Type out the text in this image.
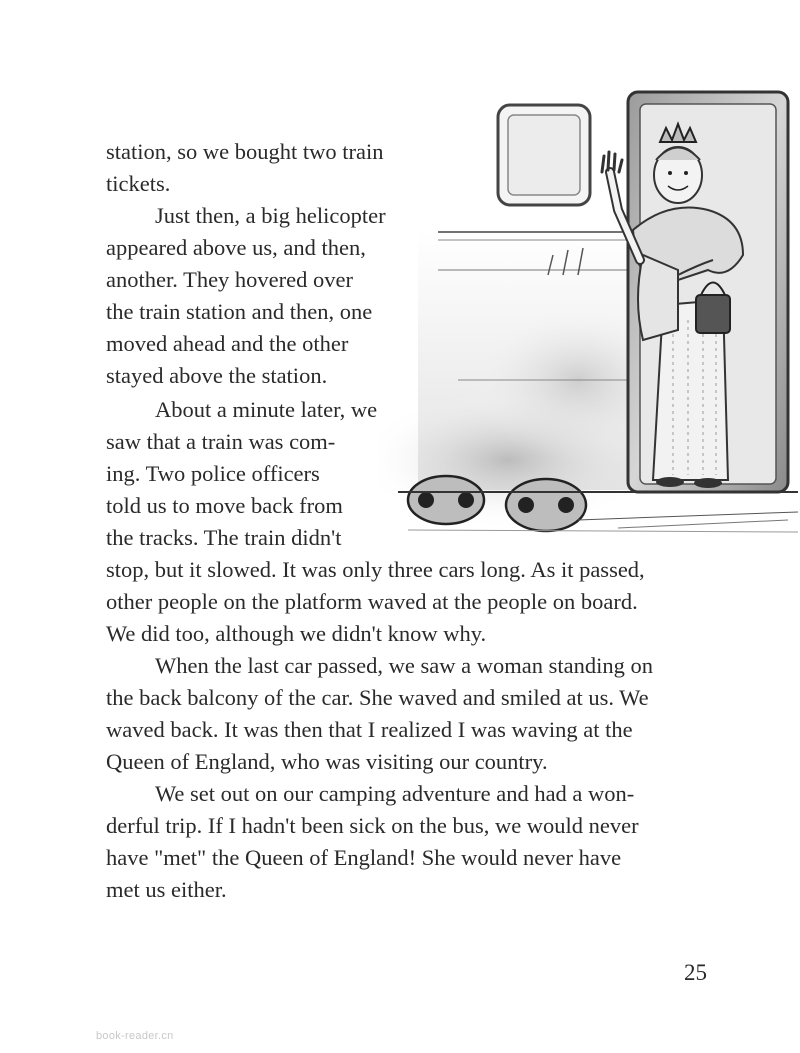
station, so we bought two train

tickets.

Just then, a big helicopter

appeared above us, and then,

another. They hovered over

the train station and then, one

moved ahead and the other

stayed above the station.

About a minute later, we

saw that a train was com-

ing. Two police officers

told us to move back from

the tracks. The train didn't

stop, but it slowed. It was only three cars long. As it passed,

other people on the platform waved at the people on board.

We did too, although we didn't know why.

When the last car passed, we saw a woman standing on

the back balcony of the car. She waved and smiled at us. We

waved back. It was then that I realized I was waving at the

Queen of England, who was visiting our country.

We set out on our camping adventure and had a won-

derful trip. If I hadn't been sick on the bus, we would never

have "met" the Queen of England! She would never have

met us either.

25
book-reader.cn
